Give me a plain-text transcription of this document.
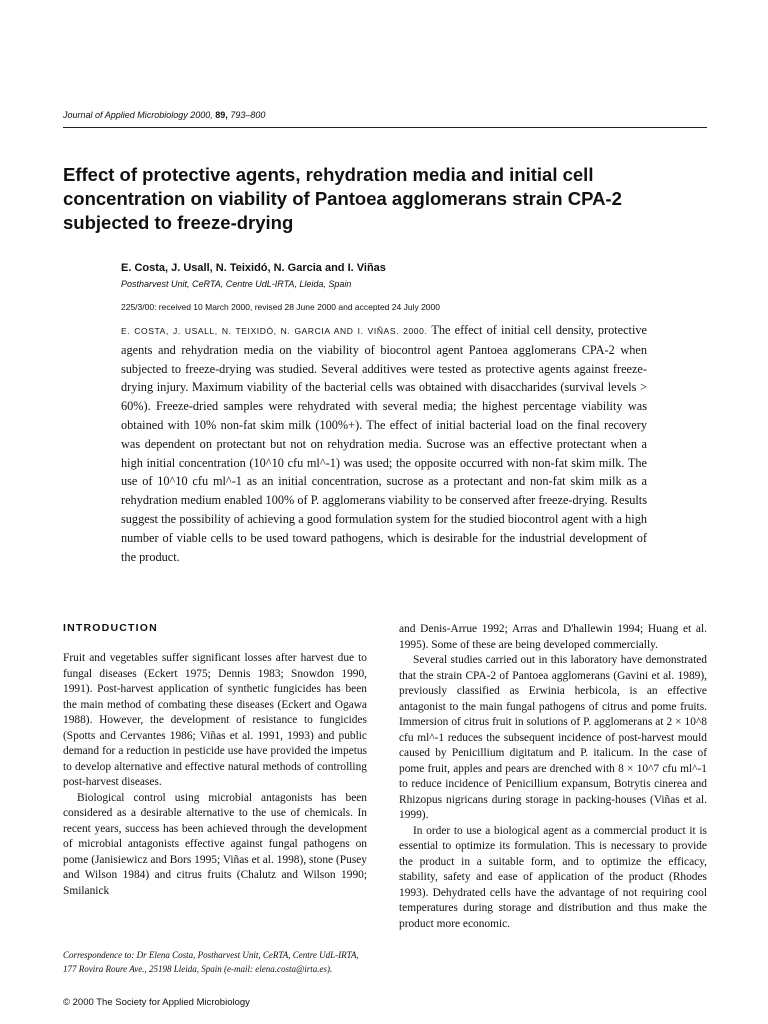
Journal of Applied Microbiology 2000, 89, 793–800
Effect of protective agents, rehydration media and initial cell concentration on viability of Pantoea agglomerans strain CPA-2 subjected to freeze-drying
E. Costa, J. Usall, N. Teixidó, N. Garcia and I. Viñas
Postharvest Unit, CeRTA, Centre UdL-IRTA, Lleida, Spain
225/3/00: received 10 March 2000, revised 28 June 2000 and accepted 24 July 2000
E. COSTA, J. USALL, N. TEIXIDÓ, N. GARCIA AND I. VIÑAS. 2000. The effect of initial cell density, protective agents and rehydration media on the viability of biocontrol agent Pantoea agglomerans CPA-2 when subjected to freeze-drying was studied. Several additives were tested as protective agents against freeze-drying injury. Maximum viability of the bacterial cells was obtained with disaccharides (survival levels > 60%). Freeze-dried samples were rehydrated with several media; the highest percentage viability was obtained with 10% non-fat skim milk (100%+). The effect of initial bacterial load on the final recovery was dependent on protectant but not on rehydration media. Sucrose was an effective protectant when a high initial concentration (10^10 cfu ml^-1) was used; the opposite occurred with non-fat skim milk. The use of 10^10 cfu ml^-1 as an initial concentration, sucrose as a protectant and non-fat skim milk as a rehydration medium enabled 100% of P. agglomerans viability to be conserved after freeze-drying. Results suggest the possibility of achieving a good formulation system for the studied biocontrol agent with a high number of viable cells to be used toward pathogens, which is desirable for the industrial development of the product.
INTRODUCTION

Fruit and vegetables suffer significant losses after harvest due to fungal diseases (Eckert 1975; Dennis 1983; Snowdon 1990, 1991). Post-harvest application of synthetic fungicides has been the main method of combating these diseases (Eckert and Ogawa 1988). However, the development of resistance to fungicides (Spotts and Cervantes 1986; Viñas et al. 1991, 1993) and public demand for a reduction in pesticide use have provided the impetus to develop alternative and effective natural methods of controlling post-harvest diseases.

Biological control using microbial antagonists has been considered as a desirable alternative to the use of chemicals. In recent years, success has been achieved through the development of microbial antagonists effective against fungal pathogens on pome (Janisiewicz and Bors 1995; Viñas et al. 1998), stone (Pusey and Wilson 1984) and citrus fruits (Chalutz and Wilson 1990; Smilanick

and Denis-Arrue 1992; Arras and D'hallewin 1994; Huang et al. 1995). Some of these are being developed commercially.

Several studies carried out in this laboratory have demonstrated that the strain CPA-2 of Pantoea agglomerans (Gavini et al. 1989), previously classified as Erwinia herbicola, is an effective antagonist to the main fungal pathogens of citrus and pome fruits. Immersion of citrus fruit in solutions of P. agglomerans at 2 × 10^8 cfu ml^-1 reduces the subsequent incidence of post-harvest mould caused by Penicillium digitatum and P. italicum. In the case of pome fruit, apples and pears are drenched with 8 × 10^7 cfu ml^-1 to reduce incidence of Penicillium expansum, Botrytis cinerea and Rhizopus nigricans during storage in packing-houses (Viñas et al. 1999).

In order to use a biological agent as a commercial product it is essential to optimize its formulation. This is necessary to provide the product in a suitable form, and to optimize the efficacy, stability, safety and ease of application of the product (Rhodes 1993). Dehydrated cells have the advantage of not requiring cool temperatures during storage and distribution and thus make the product more economic.

Correspondence to: Dr Elena Costa, Postharvest Unit, CeRTA, Centre UdL-IRTA, 177 Rovira Roure Ave., 25198 Lleida, Spain (e-mail: elena.costa@irta.es).
© 2000 The Society for Applied Microbiology
